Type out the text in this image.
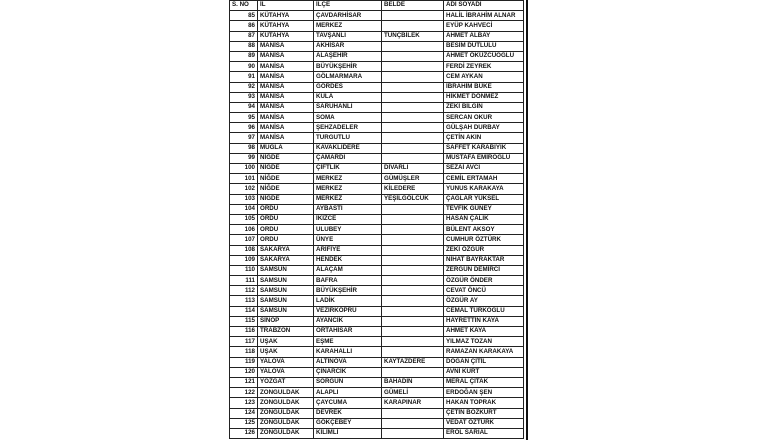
S. NO	İL	İLÇE	BELDE	ADI SOYADI
85	KÜTAHYA	ÇAVDARHİSAR		HALİL İBRAHİM ALNAR
86	KÜTAHYA	MERKEZ		EYÜP KAHVECİ
87	KÜTAHYA	TAVŞANLI	TUNÇBİLEK	AHMET ALBAY
88	MANİSA	AKHİSAR		BESİM DUTLULU
89	MANİSA	ALAŞEHİR		AHMET ÖKÜZCÜOĞLU
90	MANİSA	BÜYÜKŞEHİR		FERDİ ZEYREK
91	MANİSA	GÖLMARMARA		CEM AYKAN
92	MANİSA	GÖRDES		İBRAHİM BÜKE
93	MANİSA	KULA		HİKMET DÖNMEZ
94	MANİSA	SARUHANLI		ZEKİ BİLGİN
95	MANİSA	SOMA		SERCAN OKUR
96	MANİSA	ŞEHZADELER		GÜLŞAH DURBAY
97	MANİSA	TURGUTLU		ÇETİN AKIN
98	MUĞLA	KAVAKLIDERE		SAFFET KARABIYIK
99	NİĞDE	ÇAMARDI		MUSTAFA EMİROĞLU
100	NİĞDE	ÇİFTLİK	DİVARLI	SEZAİ AVCI
101	NİĞDE	MERKEZ	GÜMÜŞLER	CEMİL ERTAMAH
102	NİĞDE	MERKEZ	KİLEDERE	YUNUS KARAKAYA
103	NİĞDE	MERKEZ	YEŞİLGÖLCÜK	ÇAĞLAR YÜKSEL
104	ORDU	AYBASTI		TEVFİK GÜNEY
105	ORDU	İKİZCE		HASAN ÇALIK
106	ORDU	ULUBEY		BÜLENT AKSOY
107	ORDU	ÜNYE		CUMHUR ÖZTÜRK
108	SAKARYA	ARİFİYE		ZEKİ ÖZGÜR
109	SAKARYA	HENDEK		NİHAT BAYRAKTAR
110	SAMSUN	ALAÇAM		ZERGÜN DEMİRCİ
111	SAMSUN	BAFRA		ÖZGÜR ÖNDER
112	SAMSUN	BÜYÜKŞEHİR		CEVAT ÖNCÜ
113	SAMSUN	LADİK		ÖZGÜR AY
114	SAMSUN	VEZİRKÖPRÜ		CEMAL TÜRKOĞLU
115	SİNOP	AYANCIK		HAYRETTİN KAYA
116	TRABZON	ORTAHİSAR		AHMET KAYA
117	UŞAK	EŞME		YILMAZ TOZAN
118	UŞAK	KARAHALLI		RAMAZAN KARAKAYA
119	YALOVA	ALTINOVA	KAYTAZDERE	DOĞAN ÇİTİL
120	YALOVA	ÇINARCIK		AVNİ KURT
121	YOZGAT	SORGUN	BAHADIN	MERAL ÇITAK
122	ZONGULDAK	ALAPLI	GÜMELİ	ERDOĞAN ŞEN
123	ZONGULDAK	ÇAYCUMA	KARAPINAR	HAKAN TOPRAK
124	ZONGULDAK	DEVREK		ÇETİN BOZKURT
125	ZONGULDAK	GÖKÇEBEY		VEDAT ÖZTÜRK
126	ZONGULDAK	KİLİMLİ		EROL SARIAL
